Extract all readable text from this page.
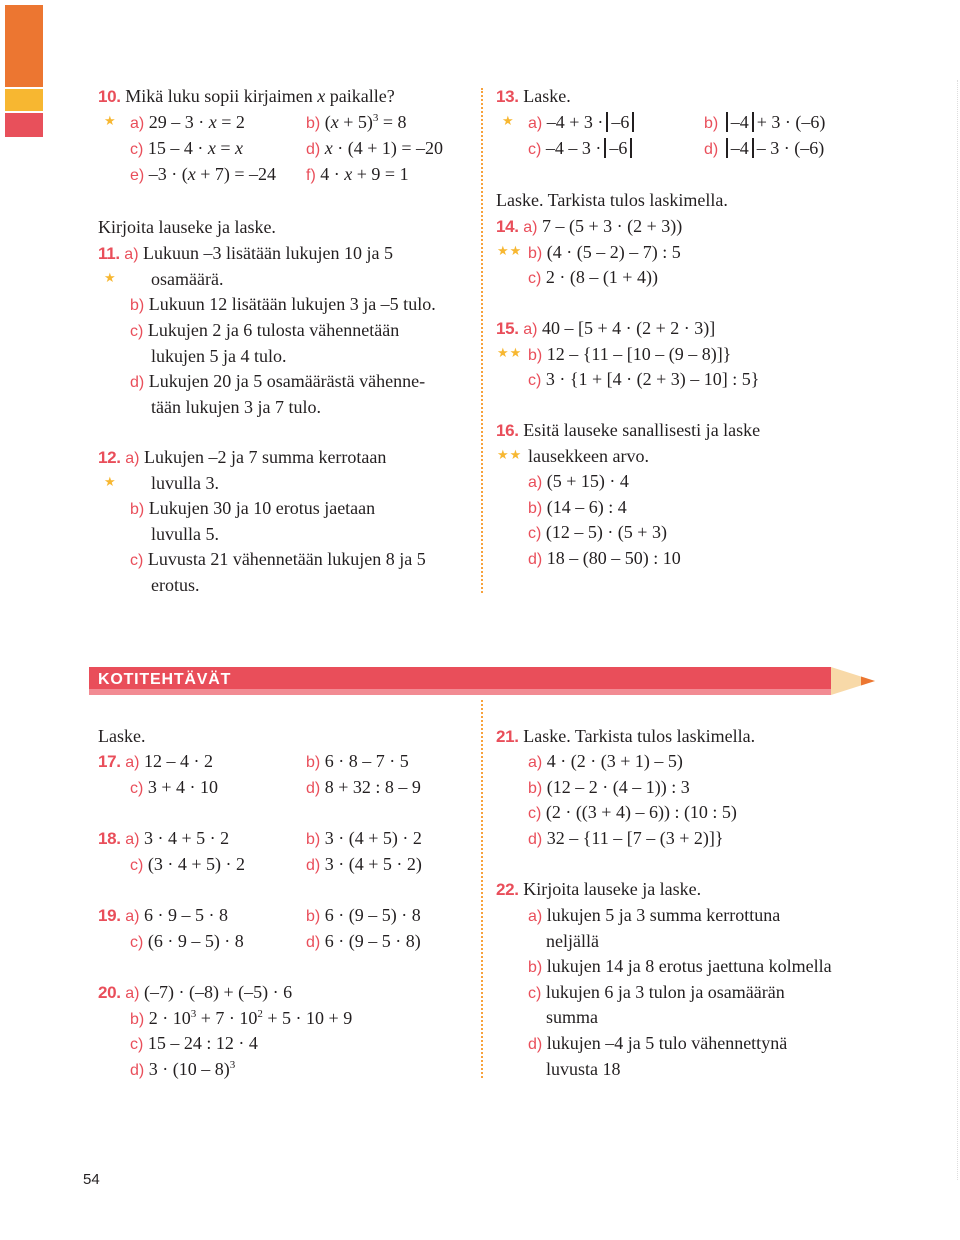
10. Mikä luku sopii kirjaimen x paikalle?
★ a) 29 – 3 · x = 2	b) $(x + 5)^3 = 8$
c) 15 – 4 · x = x	d) x · (4 + 1) = –20
e) –3 · (x + 7) = –24 f) 4 · x + 9 = 1
Kirjoita lauseke ja laske.
11. a) Lukuun –3 lisätään lukujen 10 ja 5
★ osamäärä.
b) Lukuun 12 lisätään lukujen 3 ja –5 tulo.
c) Lukujen 2 ja 6 tulosta vähennetään
lukujen 5 ja 4 tulo.
d) Lukujen 20 ja 5 osamäärästä vähenne-
tään lukujen 3 ja 7 tulo.
12. a) Lukujen –2 ja 7 summa kerrotaan
★ luvulla 3.
b) Lukujen 30 ja 10 erotus jaetaan
luvulla 5.
c) Luvusta 21 vähennetään lukujen 8 ja 5
erotus.
13. Laske.
★ a) –4 + 3 · –6	b) –4 + 3 · (–6)
c) –4 – 3 · –6	d) –4 – 3 · (–6)
Laske. Tarkista tulos laskimella.
14. a) 7 – (5 + 3 · (2 + 3))
★★ b) (4 · (5 – 2) – 7) : 5
c) 2 · (8 – (1 + 4))
15. a) 40 – [5 + 4 · (2 + 2 · 3)]
★★ b) 12 – {11 – [10 – (9 – 8)]}
c) 3 · {1 + [4 · (2 + 3) – 10] : 5}
16. Esitä lauseke sanallisesti ja laske
★★ lausekkeen arvo.
a) (5 + 15) · 4
b) (14 – 6) : 4
c) (12 – 5) · (5 + 3)
d) 18 – (80 – 50) : 10
KOTITEHTÄVÄT
Laske.
17. a) 12 – 4 · 2	b) 6 · 8 – 7 · 5
c) 3 + 4 · 10	d) 8 + 32 : 8 – 9
18. a) 3 · 4 + 5 · 2	b) 3 · (4 + 5) · 2
c) (3 · 4 + 5) · 2	d) 3 · (4 + 5 · 2)
19. a) 6 · 9 – 5 · 8	b) 6 · (9 – 5) · 8
c) (6 · 9 – 5) · 8	d) 6 · (9 – 5 · 8)
20. a) (–7) · (–8) + (–5) · 6
b) $2 \cdot 10^3 + 7 \cdot 10^2 + 5 \cdot 10 + 9$
c) 15 – 24 : 12 · 4
d) 3 · (10 – 8)$^3$
21. Laske. Tarkista tulos laskimella.
a) 4 · (2 · (3 + 1) – 5)
b) (12 – 2 · (4 – 1)) : 3
c) (2 · ((3 + 4) – 6)) : (10 : 5)
d) 32 – {11 – [7 – (3 + 2)]}
22. Kirjoita lauseke ja laske.
a) lukujen 5 ja 3 summa kerrottuna
neljällä
b) lukujen 14 ja 8 erotus jaettuna kolmella
c) lukujen 6 ja 3 tulon ja osamäärän
summa
d) lukujen –4 ja 5 tulo vähennettynä
luvusta 18
54
